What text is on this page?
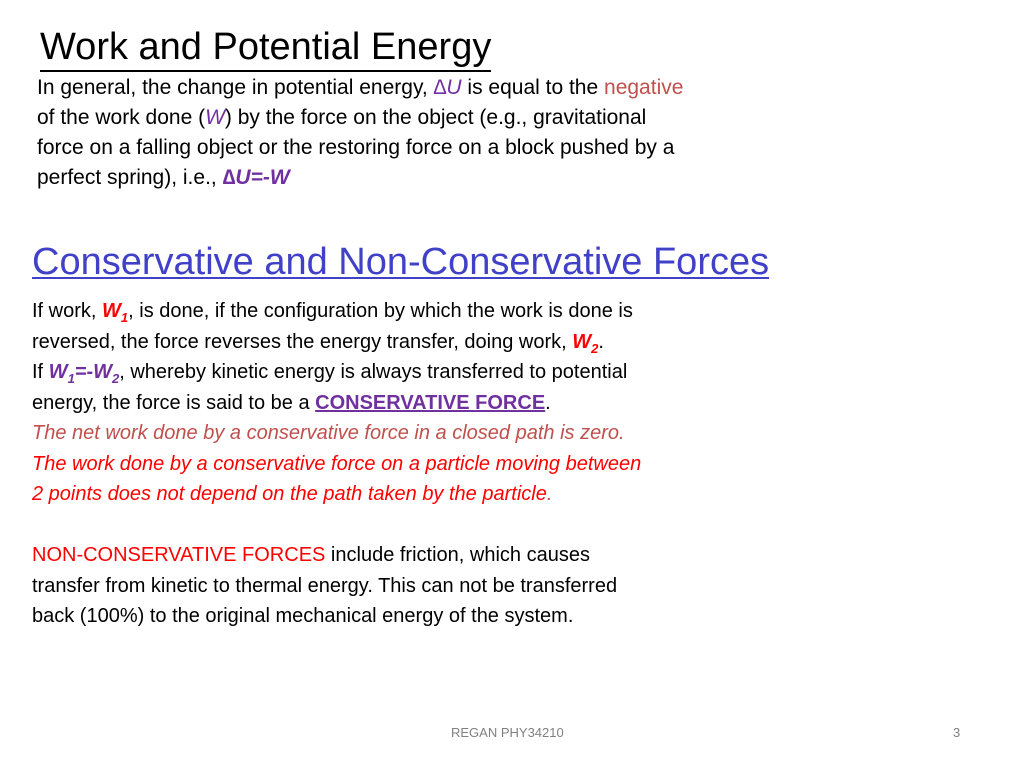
Work and Potential Energy
In general, the change in potential energy, ∆U is equal to the negative
of the work done (W) by the force on the object (e.g., gravitational
force on a falling object or the restoring force on a block pushed by a
perfect spring), i.e., ∆U=-W
Conservative and Non-Conservative Forces
If work, $W_1$, is done, if the configuration by which the work is done is
reversed, the force reverses the energy transfer, doing work, $W_2$.
If $W_1=-W_2$, whereby kinetic energy is always transferred to potential
energy, the force is said to be a CONSERVATIVE FORCE.
The net work done by a conservative force in a closed path is zero.
The work done by a conservative force on a particle moving between
2 points does not depend on the path taken by the particle.
NON-CONSERVATIVE FORCES include friction, which causes
transfer from kinetic to thermal energy. This can not be transferred
back (100%) to the original mechanical energy of the system.
REGAN PHY34210	3
